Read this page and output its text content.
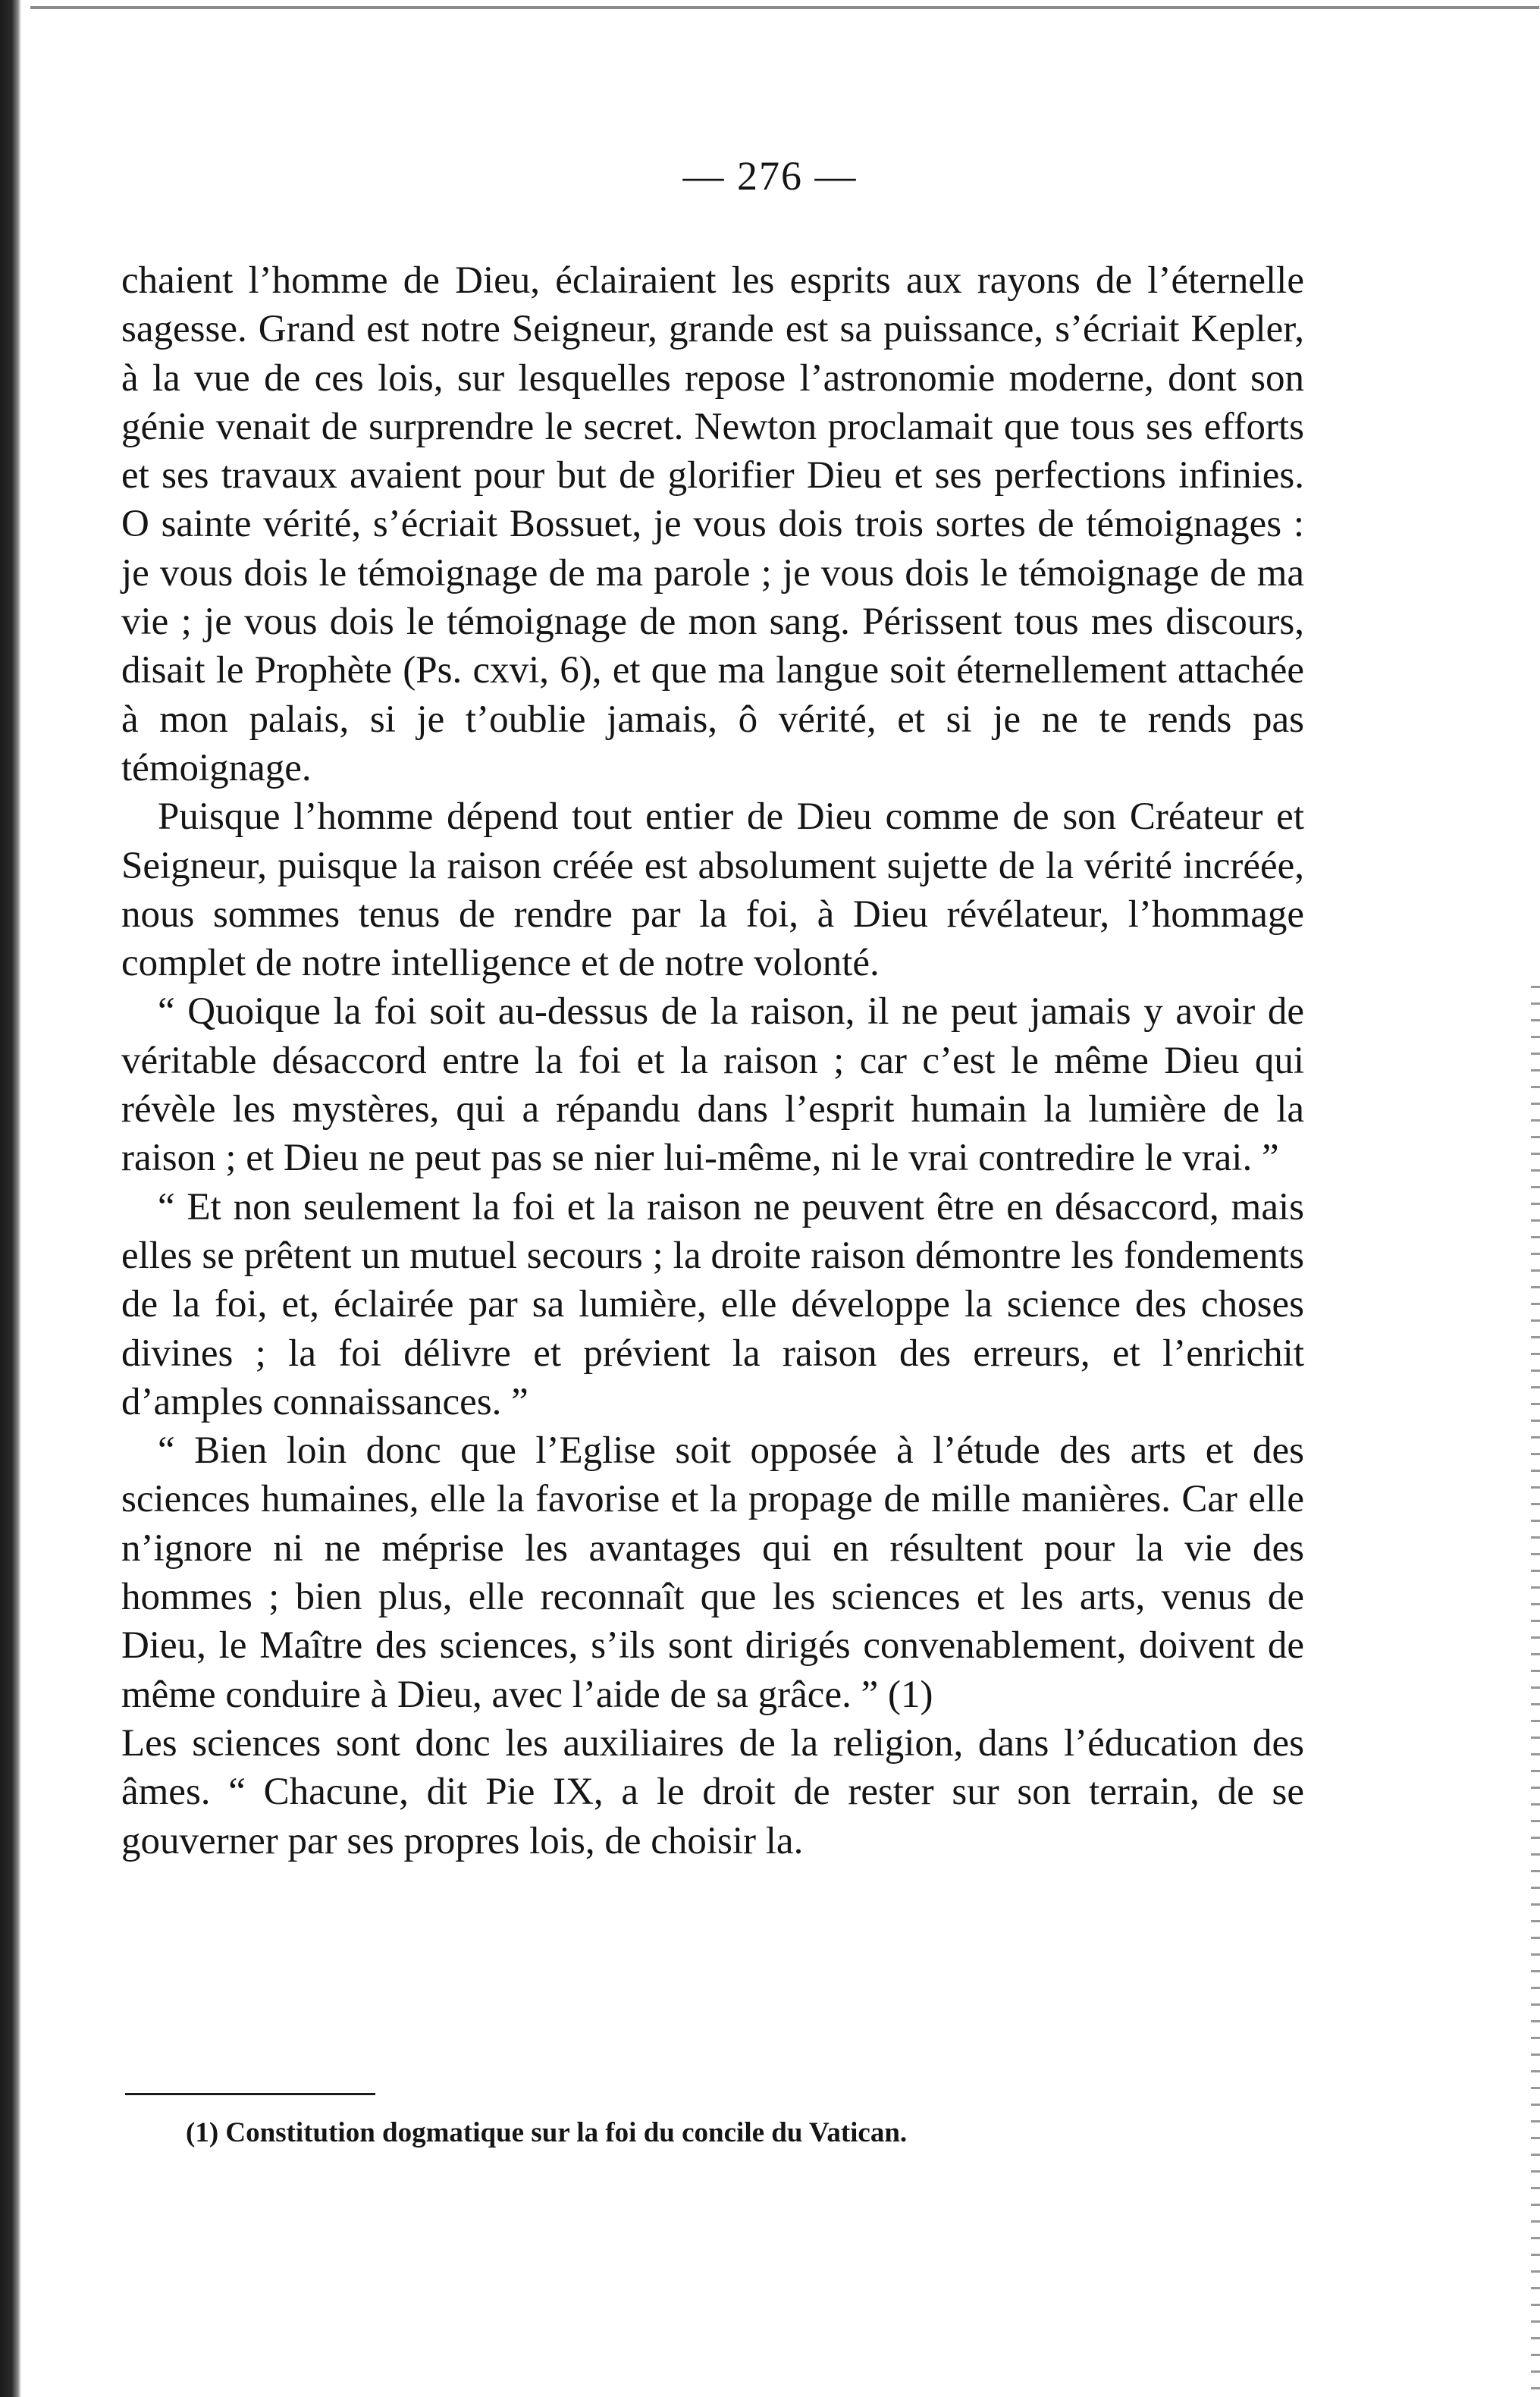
— 276 —

chaient l’homme de Dieu, éclairaient les esprits aux rayons de l’éternelle sagesse. Grand est notre Seigneur, grande est sa puissance, s’écriait Kepler, à la vue de ces lois, sur lesquelles repose l’astronomie moderne, dont son génie venait de surprendre le secret. Newton proclamait que tous ses efforts et ses travaux avaient pour but de glorifier Dieu et ses perfections infinies. O sainte vérité, s’écriait Bossuet, je vous dois trois sortes de témoignages : je vous dois le témoignage de ma parole ; je vous dois le témoignage de ma vie ; je vous dois le témoignage de mon sang. Périssent tous mes discours, disait le Prophète (Ps. cxvi, 6), et que ma langue soit éternellement attachée à mon palais, si je t’oublie jamais, ô vérité, et si je ne te rends pas témoignage.

Puisque l’homme dépend tout entier de Dieu comme de son Créateur et Seigneur, puisque la raison créée est absolument sujette de la vérité incréée, nous sommes tenus de rendre par la foi, à Dieu révélateur, l’hommage complet de notre intelligence et de notre volonté.

“ Quoique la foi soit au-dessus de la raison, il ne peut jamais y avoir de véritable désaccord entre la foi et la raison ; car c’est le même Dieu qui révèle les mystères, qui a répandu dans l’esprit humain la lumière de la raison ; et Dieu ne peut pas se nier lui-même, ni le vrai contredire le vrai. ”

“ Et non seulement la foi et la raison ne peuvent être en désaccord, mais elles se prêtent un mutuel secours ; la droite raison démontre les fondements de la foi, et, éclairée par sa lumière, elle développe la science des choses divines ; la foi délivre et prévient la raison des erreurs, et l’enrichit d’amples connaissances. ”

“ Bien loin donc que l’Eglise soit opposée à l’étude des arts et des sciences humaines, elle la favorise et la propage de mille manières. Car elle n’ignore ni ne méprise les avantages qui en résultent pour la vie des hommes ; bien plus, elle reconnaît que les sciences et les arts, venus de Dieu, le Maître des sciences, s’ils sont dirigés convenablement, doivent de même conduire à Dieu, avec l’aide de sa grâce. ” (1)

Les sciences sont donc les auxiliaires de la religion, dans l’éducation des âmes. “ Chacune, dit Pie IX, a le droit de rester sur son terrain, de se gouverner par ses propres lois, de choisir la.

(1) Constitution dogmatique sur la foi du concile du Vatican.
